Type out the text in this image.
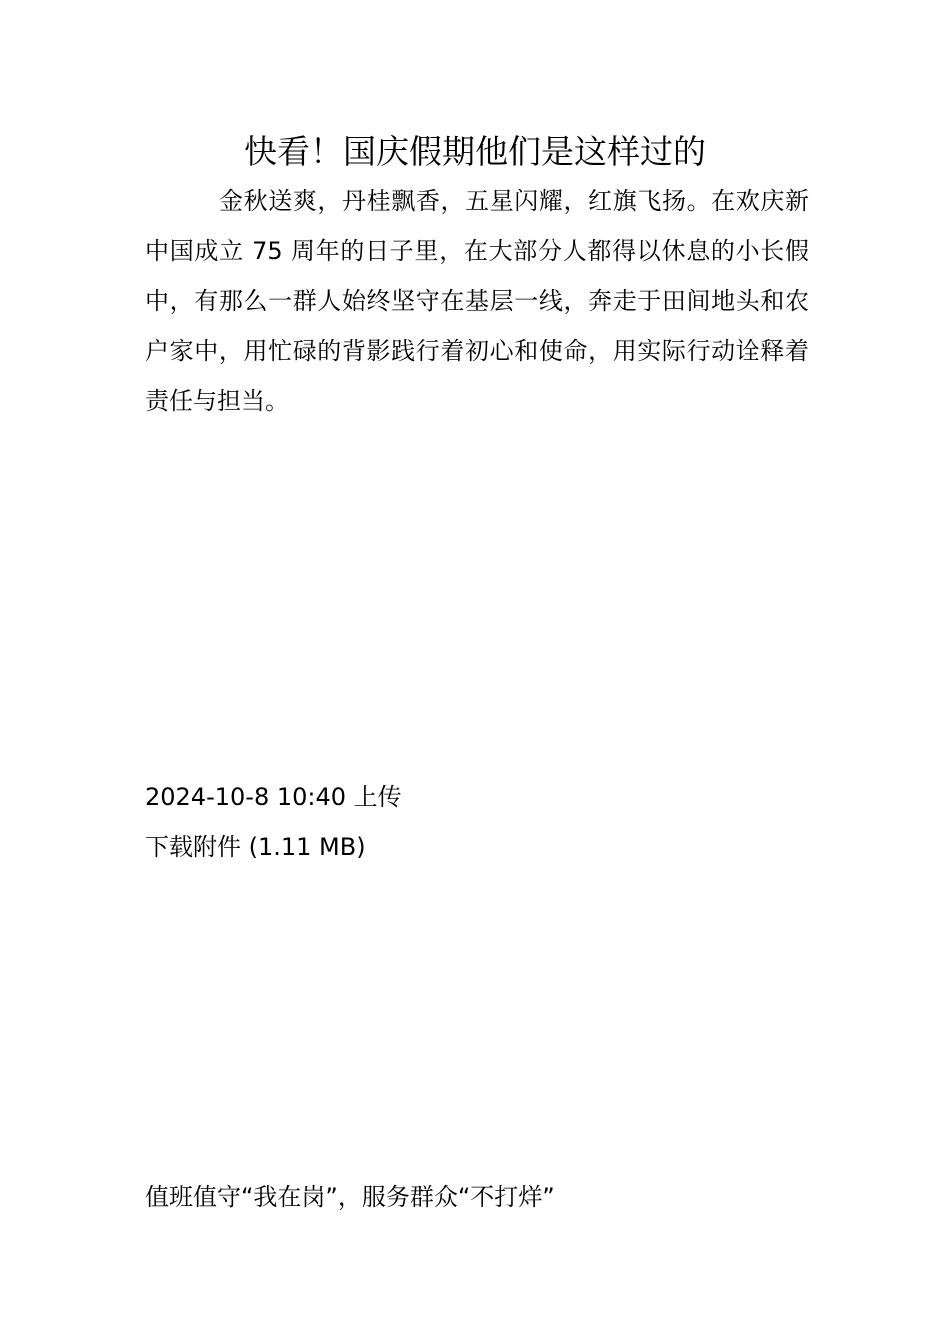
快看！国庆假期他们是这样过的

金秋送爽，丹桂飘香，五星闪耀，红旗飞扬。在欢庆新中国成立 75 周年的日子里，在大部分人都得以休息的小长假中，有那么一群人始终坚守在基层一线，奔走于田间地头和农户家中，用忙碌的背影践行着初心和使命，用实际行动诠释着责任与担当。

2024-10-8 10:40 上传
下载附件 (1.11 MB)
值班值守“我在岗”，服务群众“不打烊”
